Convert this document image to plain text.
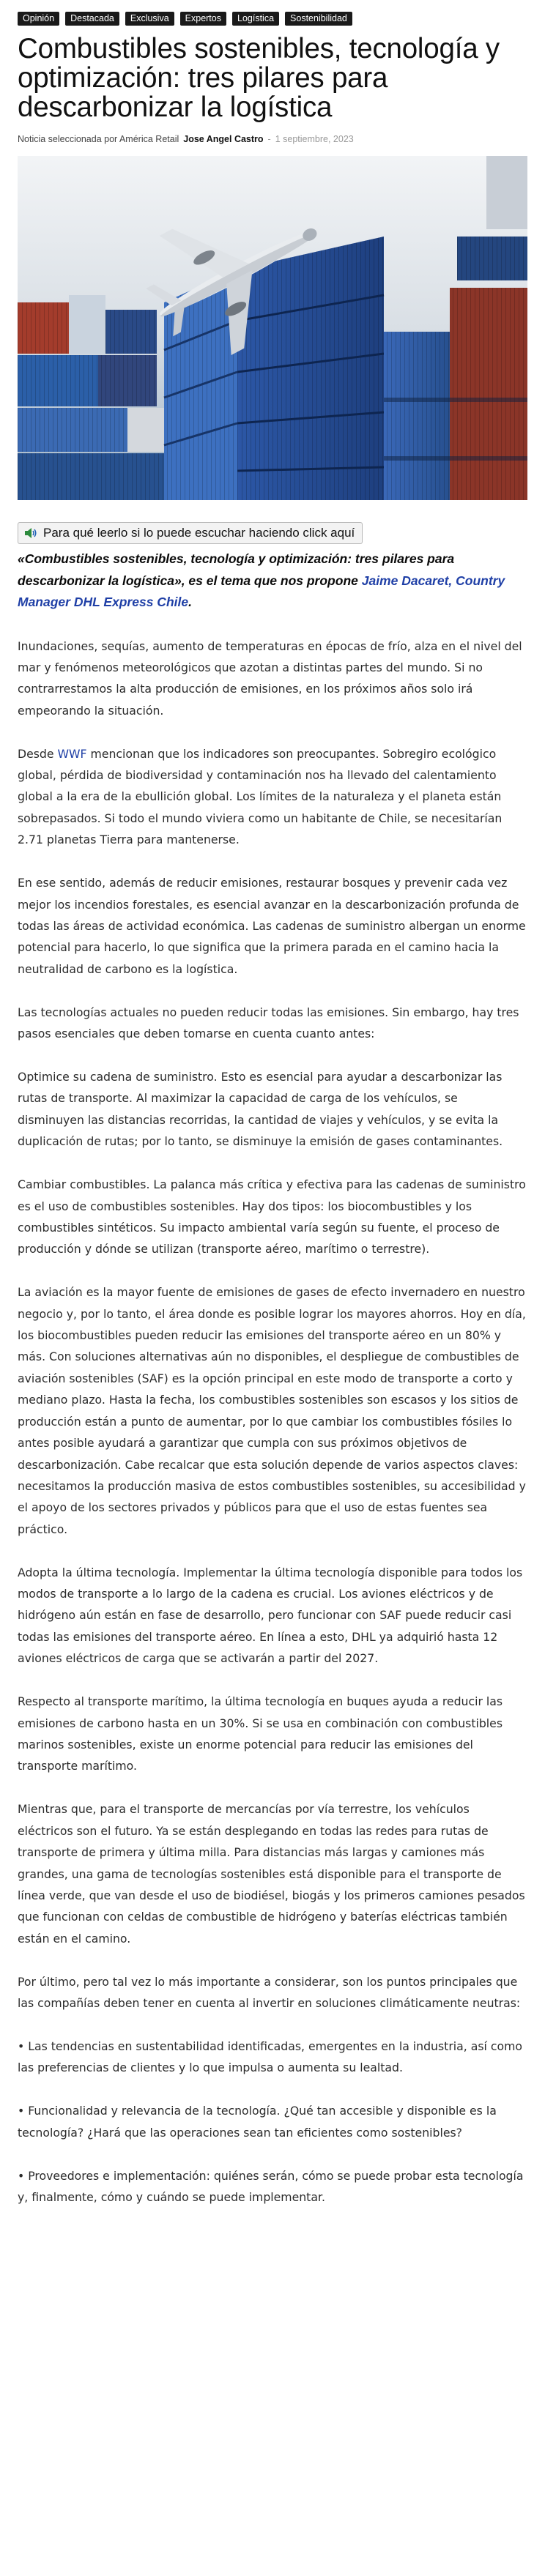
Opinión	Destacada	Exclusiva	Expertos	Logística	Sostenibilidad
Combustibles sostenibles, tecnología y optimización: tres pilares para descarbonizar la logística
Noticia seleccionada por América Retail Jose Angel Castro - 1 septiembre, 2023
Para qué leerlo si lo puede escuchar haciendo click aquí

«Combustibles sostenibles, tecnología y optimización: tres pilares para descarbonizar la logística», es el tema que nos propone Jaime Dacaret, Country Manager DHL Express Chile.

Inundaciones, sequías, aumento de temperaturas en épocas de frío, alza en el nivel del mar y fenómenos meteorológicos que azotan a distintas partes del mundo. Si no contrarrestamos la alta producción de emisiones, en los próximos años solo irá empeorando la situación.

Desde WWF mencionan que los indicadores son preocupantes. Sobregiro ecológico global, pérdida de biodiversidad y contaminación nos ha llevado del calentamiento global a la era de la ebullición global. Los límites de la naturaleza y el planeta están sobrepasados. Si todo el mundo viviera como un habitante de Chile, se necesitarían 2.71 planetas Tierra para mantenerse.

En ese sentido, además de reducir emisiones, restaurar bosques y prevenir cada vez mejor los incendios forestales, es esencial avanzar en la descarbonización profunda de todas las áreas de actividad económica. Las cadenas de suministro albergan un enorme potencial para hacerlo, lo que significa que la primera parada en el camino hacia la neutralidad de carbono es la logística.

Las tecnologías actuales no pueden reducir todas las emisiones. Sin embargo, hay tres pasos esenciales que deben tomarse en cuenta cuanto antes:

Optimice su cadena de suministro. Esto es esencial para ayudar a descarbonizar las rutas de transporte. Al maximizar la capacidad de carga de los vehículos, se disminuyen las distancias recorridas, la cantidad de viajes y vehículos, y se evita la duplicación de rutas; por lo tanto, se disminuye la emisión de gases contaminantes.

Cambiar combustibles. La palanca más crítica y efectiva para las cadenas de suministro es el uso de combustibles sostenibles. Hay dos tipos: los biocombustibles y los combustibles sintéticos. Su impacto ambiental varía según su fuente, el proceso de producción y dónde se utilizan (transporte aéreo, marítimo o terrestre).

La aviación es la mayor fuente de emisiones de gases de efecto invernadero en nuestro negocio y, por lo tanto, el área donde es posible lograr los mayores ahorros. Hoy en día, los biocombustibles pueden reducir las emisiones del transporte aéreo en un 80% y más. Con soluciones alternativas aún no disponibles, el despliegue de combustibles de aviación sostenibles (SAF) es la opción principal en este modo de transporte a corto y mediano plazo. Hasta la fecha, los combustibles sostenibles son escasos y los sitios de producción están a punto de aumentar, por lo que cambiar los combustibles fósiles lo antes posible ayudará a garantizar que cumpla con sus próximos objetivos de descarbonización. Cabe recalcar que esta solución depende de varios aspectos claves: necesitamos la producción masiva de estos combustibles sostenibles, su accesibilidad y el apoyo de los sectores privados y públicos para que el uso de estas fuentes sea práctico.

Adopta la última tecnología. Implementar la última tecnología disponible para todos los modos de transporte a lo largo de la cadena es crucial. Los aviones eléctricos y de hidrógeno aún están en fase de desarrollo, pero funcionar con SAF puede reducir casi todas las emisiones del transporte aéreo. En línea a esto, DHL ya adquirió hasta 12 aviones eléctricos de carga que se activarán a partir del 2027.

Respecto al transporte marítimo, la última tecnología en buques ayuda a reducir las emisiones de carbono hasta en un 30%. Si se usa en combinación con combustibles marinos sostenibles, existe un enorme potencial para reducir las emisiones del transporte marítimo.

Mientras que, para el transporte de mercancías por vía terrestre, los vehículos eléctricos son el futuro. Ya se están desplegando en todas las redes para rutas de transporte de primera y última milla. Para distancias más largas y camiones más grandes, una gama de tecnologías sostenibles está disponible para el transporte de línea verde, que van desde el uso de biodiésel, biogás y los primeros camiones pesados que funcionan con celdas de combustible de hidrógeno y baterías eléctricas también están en el camino.

Por último, pero tal vez lo más importante a considerar, son los puntos principales que las compañías deben tener en cuenta al invertir en soluciones climáticamente neutras:

• Las tendencias en sustentabilidad identificadas, emergentes en la industria, así como las preferencias de clientes y lo que impulsa o aumenta su lealtad.

• Funcionalidad y relevancia de la tecnología. ¿Qué tan accesible y disponible es la tecnología? ¿Hará que las operaciones sean tan eficientes como sostenibles?

• Proveedores e implementación: quiénes serán, cómo se puede probar esta tecnología y, finalmente, cómo y cuándo se puede implementar.
